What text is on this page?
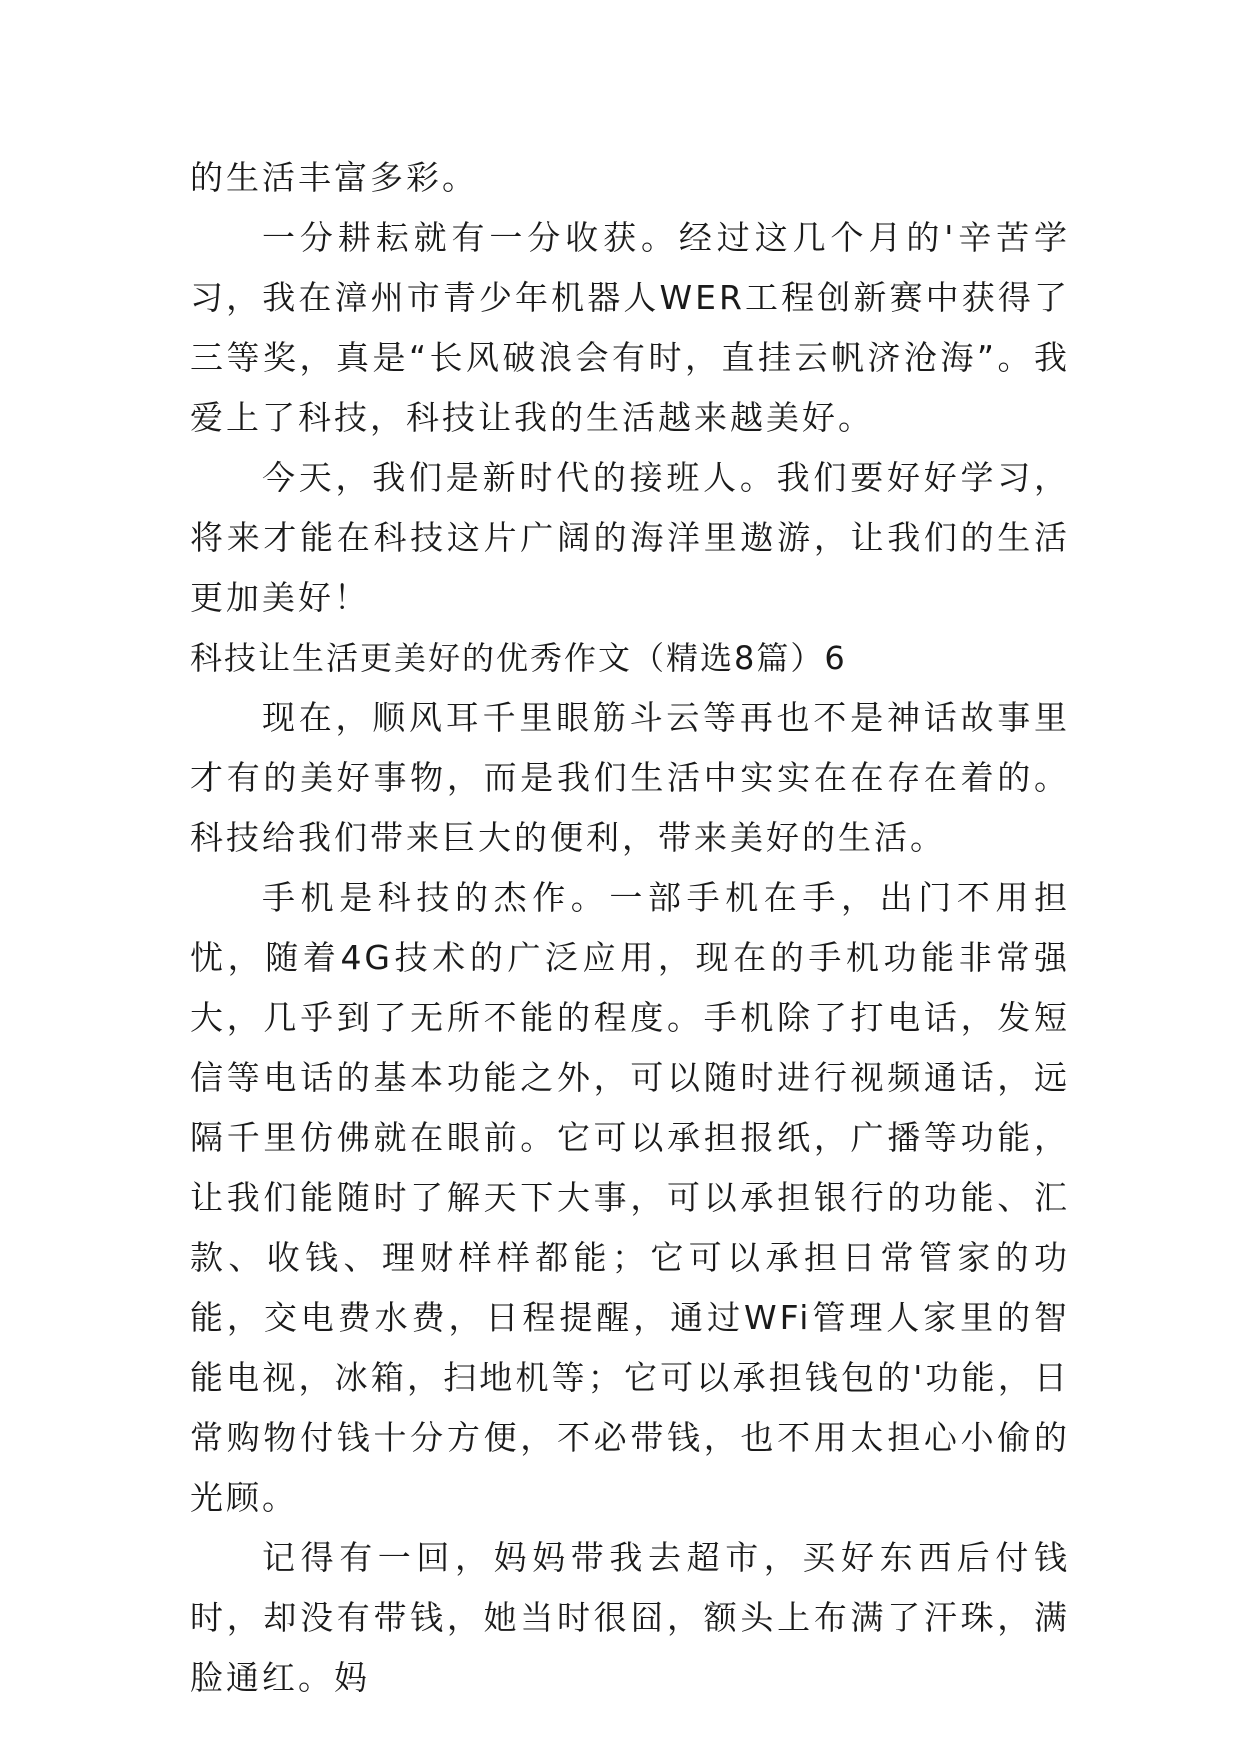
的生活丰富多彩。

一分耕耘就有一分收获。经过这几个月的'辛苦学习，我在漳州市青少年机器人WER工程创新赛中获得了三等奖，真是“长风破浪会有时，直挂云帆济沧海”。我爱上了科技，科技让我的生活越来越美好。

今天，我们是新时代的接班人。我们要好好学习，将来才能在科技这片广阔的海洋里遨游，让我们的生活更加美好！

科技让生活更美好的优秀作文（精选8篇）6

现在，顺风耳千里眼筋斗云等再也不是神话故事里才有的美好事物，而是我们生活中实实在在存在着的。科技给我们带来巨大的便利，带来美好的生活。

手机是科技的杰作。一部手机在手，出门不用担忧，随着4G技术的广泛应用，现在的手机功能非常强大，几乎到了无所不能的程度。手机除了打电话，发短信等电话的基本功能之外，可以随时进行视频通话，远隔千里仿佛就在眼前。它可以承担报纸，广播等功能，让我们能随时了解天下大事，可以承担银行的功能、汇款、收钱、理财样样都能；它可以承担日常管家的功能，交电费水费，日程提醒，通过WFi管理人家里的智能电视，冰箱，扫地机等；它可以承担钱包的'功能，日常购物付钱十分方便，不必带钱，也不用太担心小偷的光顾。

记得有一回，妈妈带我去超市，买好东西后付钱时，却没有带钱，她当时很囧，额头上布满了汗珠，满脸通红。妈
